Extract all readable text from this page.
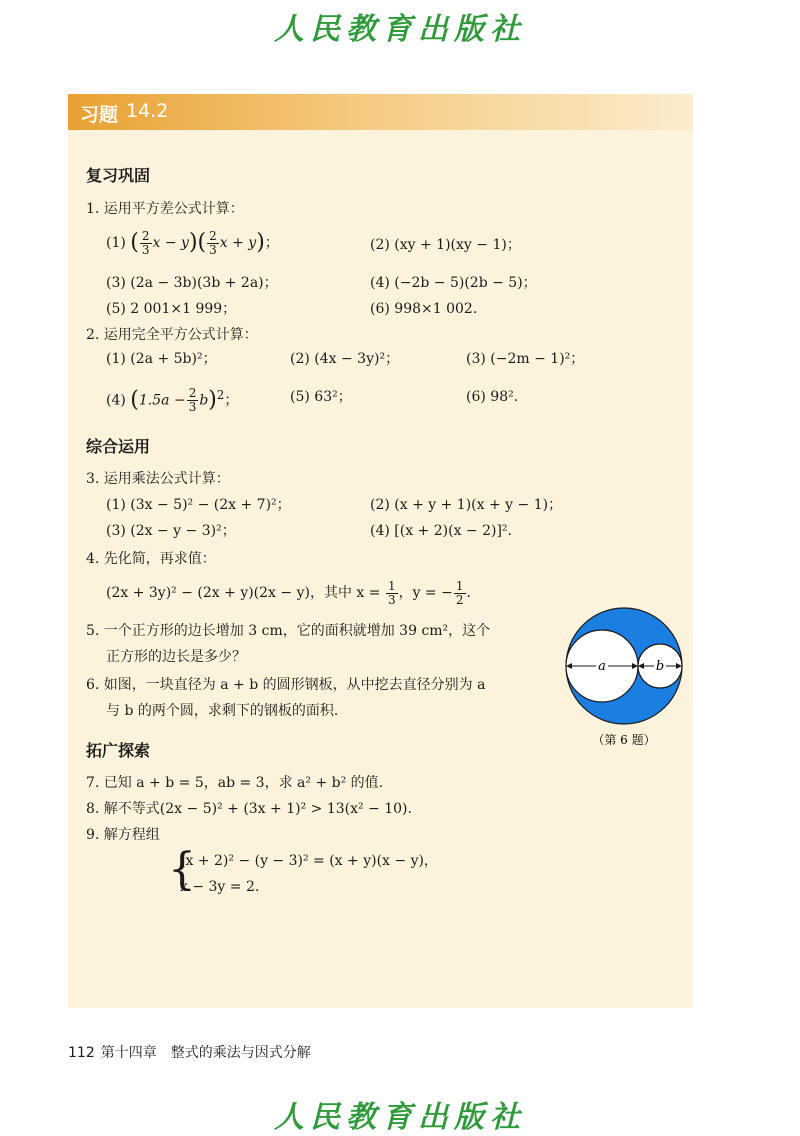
人民教育出版社
习题 14.2
复习巩固
1. 运用平方差公式计算：
(1) ( $\frac{2}{3}$ $x - y)( \frac{2}{3}$ x + y)；	(2) (xy + 1)(xy − 1)；
(3) (2a − 3b)(3b + 2a)；	(4) (−2b − 5)(2b − 5)；
(5) 2 001×1 999；	(6) 998×1 002.
2. 运用完全平方公式计算：
(1) (2a + 5b)²；	(2) (4x − 3y)²；	(3) (−2m − 1)²；
(4) $(1.5a - \frac{2}{3} b)^2$；	(5) 63²；	(6) 98².
综合运用
3. 运用乘法公式计算：
(1) (3x − 5)² − (2x + 7)²；	(2) (x + y + 1)(x + y − 1)；
(3) (2x − y − 3)²；	(4) [(x + 2)(x − 2)]².
4. 先化简，再求值：
(2x + 3y)² − (2x + y)(2x − y)，其中 $x = \frac{1}{3}$ ，y = − $\frac{1}{2}$ .
5. 一个正方形的边长增加 3 cm，它的面积就增加 39 cm²，这个
正方形的边长是多少？
6. 如图，一块直径为 a + b 的圆形钢板，从中挖去直径分别为 a
与 b 的两个圆，求剩下的钢板的面积.
a	b
（第 6 题）
拓广探索
7. 已知 a + b = 5，ab = 3，求 a² + b² 的值.
8. 解不等式(2x − 5)² + (3x + 1)² > 13(x² − 10).
9. 解方程组
{
(x + 2)² − (y − 3)² = (x + y)(x − y)，
x − 3y = 2.
112 第十四章 整式的乘法与因式分解
人民教育出版社
